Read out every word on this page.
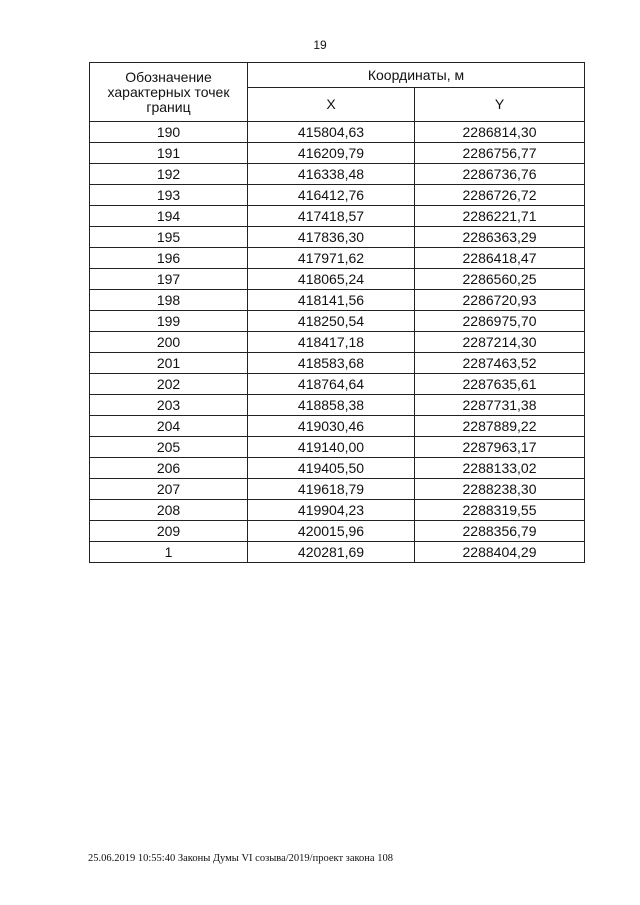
19
Обозначение характерных точек границ	Координаты, м	
	X	Y
190	415804,63	2286814,30
191	416209,79	2286756,77
192	416338,48	2286736,76
193	416412,76	2286726,72
194	417418,57	2286221,71
195	417836,30	2286363,29
196	417971,62	2286418,47
197	418065,24	2286560,25
198	418141,56	2286720,93
199	418250,54	2286975,70
200	418417,18	2287214,30
201	418583,68	2287463,52
202	418764,64	2287635,61
203	418858,38	2287731,38
204	419030,46	2287889,22
205	419140,00	2287963,17
206	419405,50	2288133,02
207	419618,79	2288238,30
208	419904,23	2288319,55
209	420015,96	2288356,79
1	420281,69	2288404,29
25.06.2019 10:55:40 Законы Думы VI созыва/2019/проект закона 108
